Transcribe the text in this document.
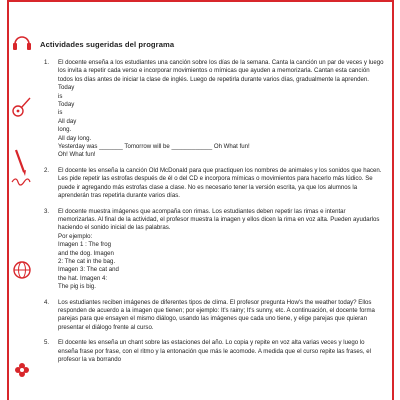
Actividades sugeridas del programa
1. El docente enseña a los estudiantes una canción sobre los días de la semana. Canta la canción un par de veces y luego los invita a repetir cada verso e incorporar movimientos o mímicas que ayuden a memorizarla. Cantan esta canción todos los días antes de iniciar la clase de inglés. Luego de repetirla durante varios días, gradualmente la aprenden.

Today
is
Today
is
All day
long.
All day long.
Yesterday was _______ Tomorrow will be ____________ Oh What fun!
Oh! What fun!
2. El docente les enseña la canción Old McDonald para que practiquen los nombres de animales y los sonidos que hacen. Les pide repetir las estrofas después de él o del CD e incorpora mímicas o movimientos para hacerlo más lúdico. Se puede ir agregando más estrofas clase a clase. No es necesario tener la versión escrita, ya que los alumnos la aprenderán tras repetirla durante varios días.

3. El docente muestra imágenes que acompaña con rimas. Los estudiantes deben repetir las rimas e intentar memorizarlas. Al final de la actividad, el profesor muestra la imagen y ellos dicen la rima en voz alta. Pueden ayudarlos haciendo el sonido inicial de las palabras.

Por ejemplo:
Imagen 1 : The frog
and the dog. Imagen
2: The cat in the bag.
Imagen 3: The cat and
the hat. Imagen 4:
The pig is big.
4. Los estudiantes reciben imágenes de diferentes tipos de clima. El profesor pregunta How's the weather today? Ellos responden de acuerdo a la imagen que tienen; por ejemplo: It's rainy; It's sunny, etc. A continuación, el docente forma parejas para que ensayen el mismo diálogo, usando las imágenes que cada uno tiene, y elige parejas que quieran presentar el diálogo frente al curso.

5. El docente les enseña un chant sobre las estaciones del año. Lo copia y repite en voz alta varias veces y luego lo enseña frase por frase, con el ritmo y la entonación que más le acomode. A medida que el curso repite las frases, el profesor la va borrando
